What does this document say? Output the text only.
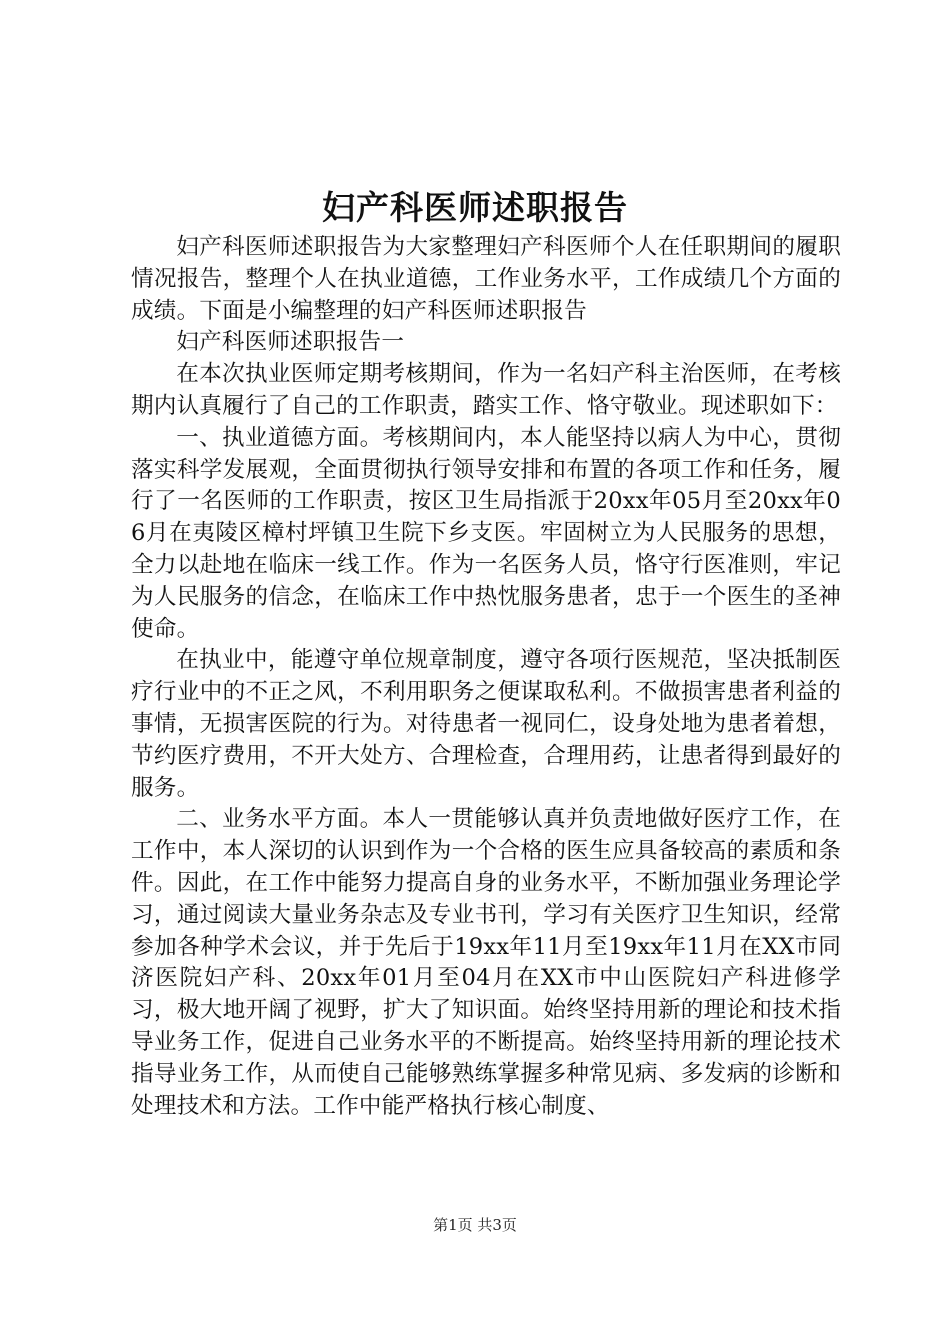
妇产科医师述职报告

妇产科医师述职报告为大家整理妇产科医师个人在任职期间的履职情况报告，整理个人在执业道德，工作业务水平，工作成绩几个方面的成绩。下面是小编整理的妇产科医师述职报告

妇产科医师述职报告一

在本次执业医师定期考核期间，作为一名妇产科主治医师，在考核期内认真履行了自己的工作职责，踏实工作、恪守敬业。现述职如下：

一、执业道德方面。考核期间内，本人能坚持以病人为中心，贯彻落实科学发展观，全面贯彻执行领导安排和布置的各项工作和任务，履行了一名医师的工作职责，按区卫生局指派于20xx年05月至20xx年06月在夷陵区樟村坪镇卫生院下乡支医。牢固树立为人民服务的思想，全力以赴地在临床一线工作。作为一名医务人员，恪守行医准则，牢记为人民服务的信念，在临床工作中热忱服务患者，忠于一个医生的圣神使命。

在执业中，能遵守单位规章制度，遵守各项行医规范，坚决抵制医疗行业中的不正之风，不利用职务之便谋取私利。不做损害患者利益的事情，无损害医院的行为。对待患者一视同仁，设身处地为患者着想，节约医疗费用，不开大处方、合理检查，合理用药，让患者得到最好的服务。

二、业务水平方面。本人一贯能够认真并负责地做好医疗工作，在工作中，本人深切的认识到作为一个合格的医生应具备较高的素质和条件。因此，在工作中能努力提高自身的业务水平，不断加强业务理论学习，通过阅读大量业务杂志及专业书刊，学习有关医疗卫生知识，经常参加各种学术会议，并于先后于19xx年11月至19xx年11月在XX市同济医院妇产科、20xx年01月至04月在XX市中山医院妇产科进修学习，极大地开阔了视野，扩大了知识面。始终坚持用新的理论和技术指导业务工作，促进自己业务水平的不断提高。始终坚持用新的理论技术指导业务工作，从而使自己能够熟练掌握多种常见病、多发病的诊断和处理技术和方法。工作中能严格执行核心制度、

第1页 共3页
